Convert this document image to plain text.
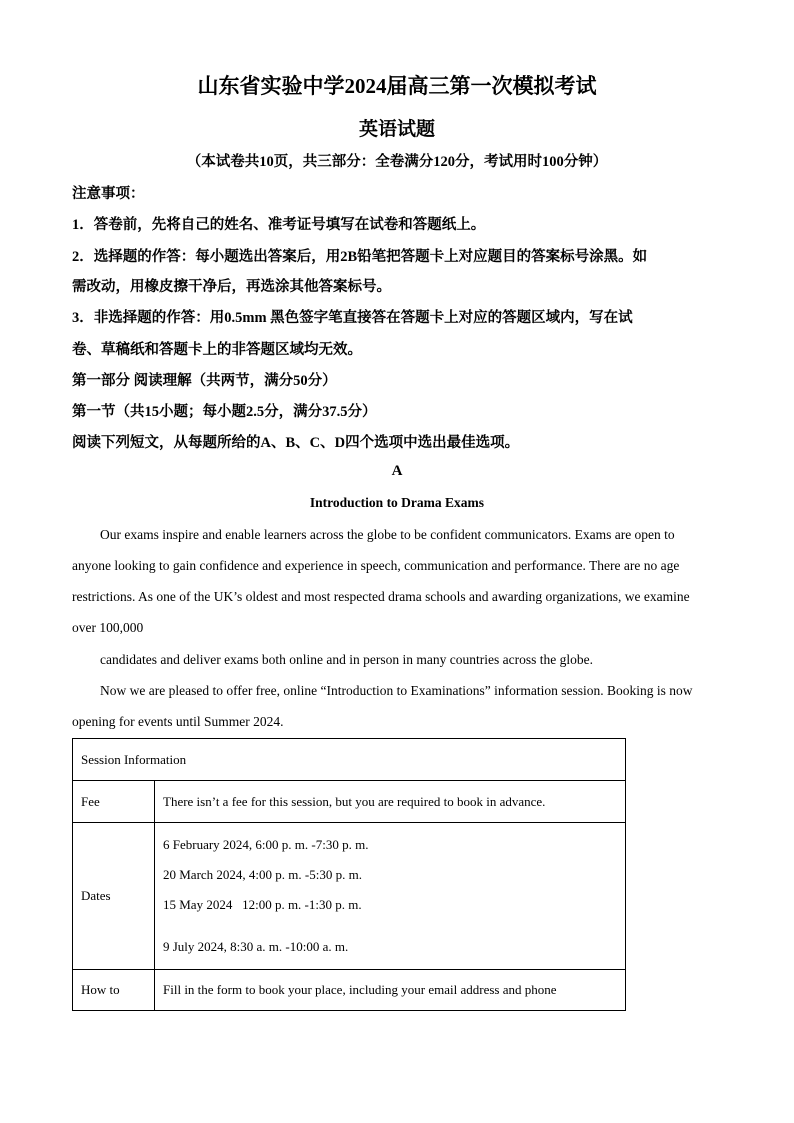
山东省实验中学2024届高三第一次模拟考试
英语试题
（本试卷共10页，共三部分：全卷满分120分，考试用时100分钟）
注意事项：
1．答卷前，先将自己的姓名、准考证号填写在试卷和答题纸上。
2．选择题的作答：每小题选出答案后，用2B铅笔把答题卡上对应题目的答案标号涂黑。如
需改动，用橡皮擦干净后，再选涂其他答案标号。
3．非选择题的作答：用0.5mm 黑色签字笔直接答在答题卡上对应的答题区域内，写在试
卷、草稿纸和答题卡上的非答题区域均无效。
第一部分 阅读理解（共两节，满分50分）
第一节（共15小题；每小题2.5分，满分37.5分）
阅读下列短文，从每题所给的A、B、C、D四个选项中选出最佳选项。
A
Introduction to Drama Exams
Our exams inspire and enable learners across the globe to be confident communicators. Exams are open to
anyone looking to gain confidence and experience in speech, communication and performance. There are no age
restrictions. As one of the UK’s oldest and most respected drama schools and awarding organizations, we examine
over 100,000
candidates and deliver exams both online and in person in many countries across the globe.
Now we are pleased to offer free, online “Introduction to Examinations” information session. Booking is now
opening for events until Summer 2024.
Session Information	
Fee	There isn’t a fee for this session, but you are required to book in advance.
Dates	6 February 2024, 6:00 p. m. -7:30 p. m.
20 March 2024, 4:00 p. m. -5:30 p. m.
15 May 2024   12:00 p. m. -1:30 p. m.
9 July 2024, 8:30 a. m. -10:00 a. m.

How to	Fill in the form to book your place, including your email address and phone
